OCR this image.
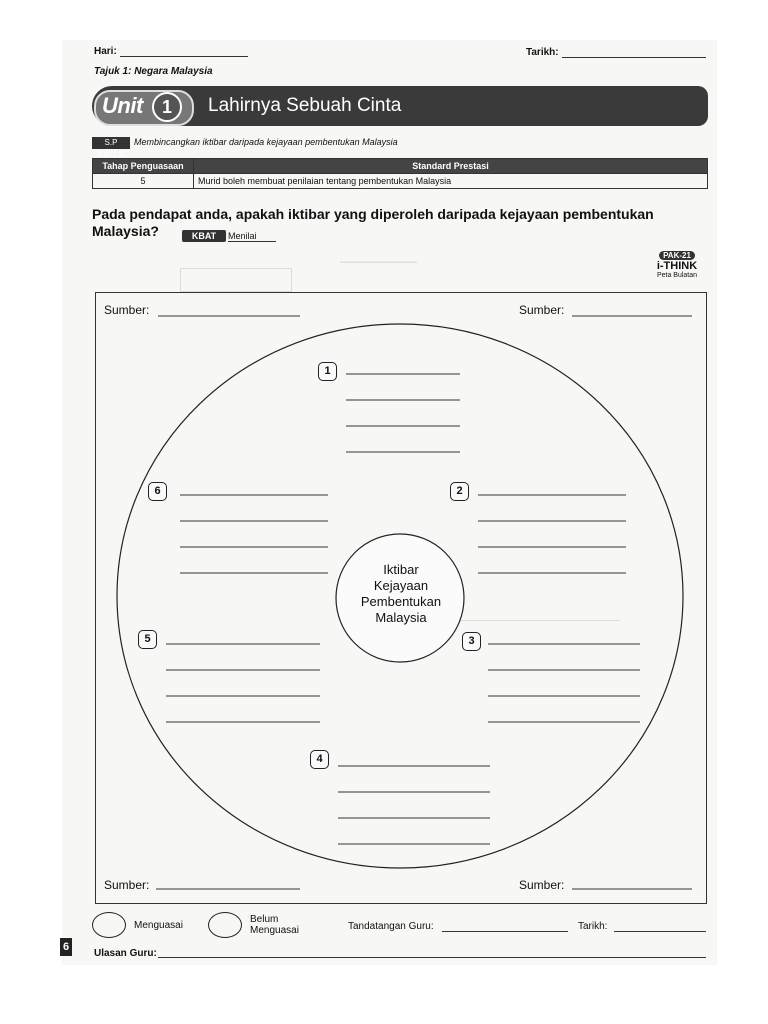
———————
Hari:	Tarikh:
Tajuk 1: Negara Malaysia
Unit	1	Lahirnya Sebuah Cinta
S.P KI0.1.6
Membincangkan iktibar daripada kejayaan pembentukan Malaysia
Tahap Penguasaan	Standard Prestasi
5	Murid boleh membuat penilaian tentang pembentukan Malaysia
Pada pendapat anda, apakah iktibar yang diperoleh daripada kejayaan pembentukan Malaysia?	KBAT	Menilai
PAK-21
i-THINK
Peta Bulatan
Sumber:	Sumber:
Sumber:	Sumber:
1
2
3
4
5
6
Iktibar
Kejayaan
Pembentukan
Malaysia
Menguasai
Belum
Menguasai	Tandatangan Guru:	Tarikh:
6
Ulasan Guru:
